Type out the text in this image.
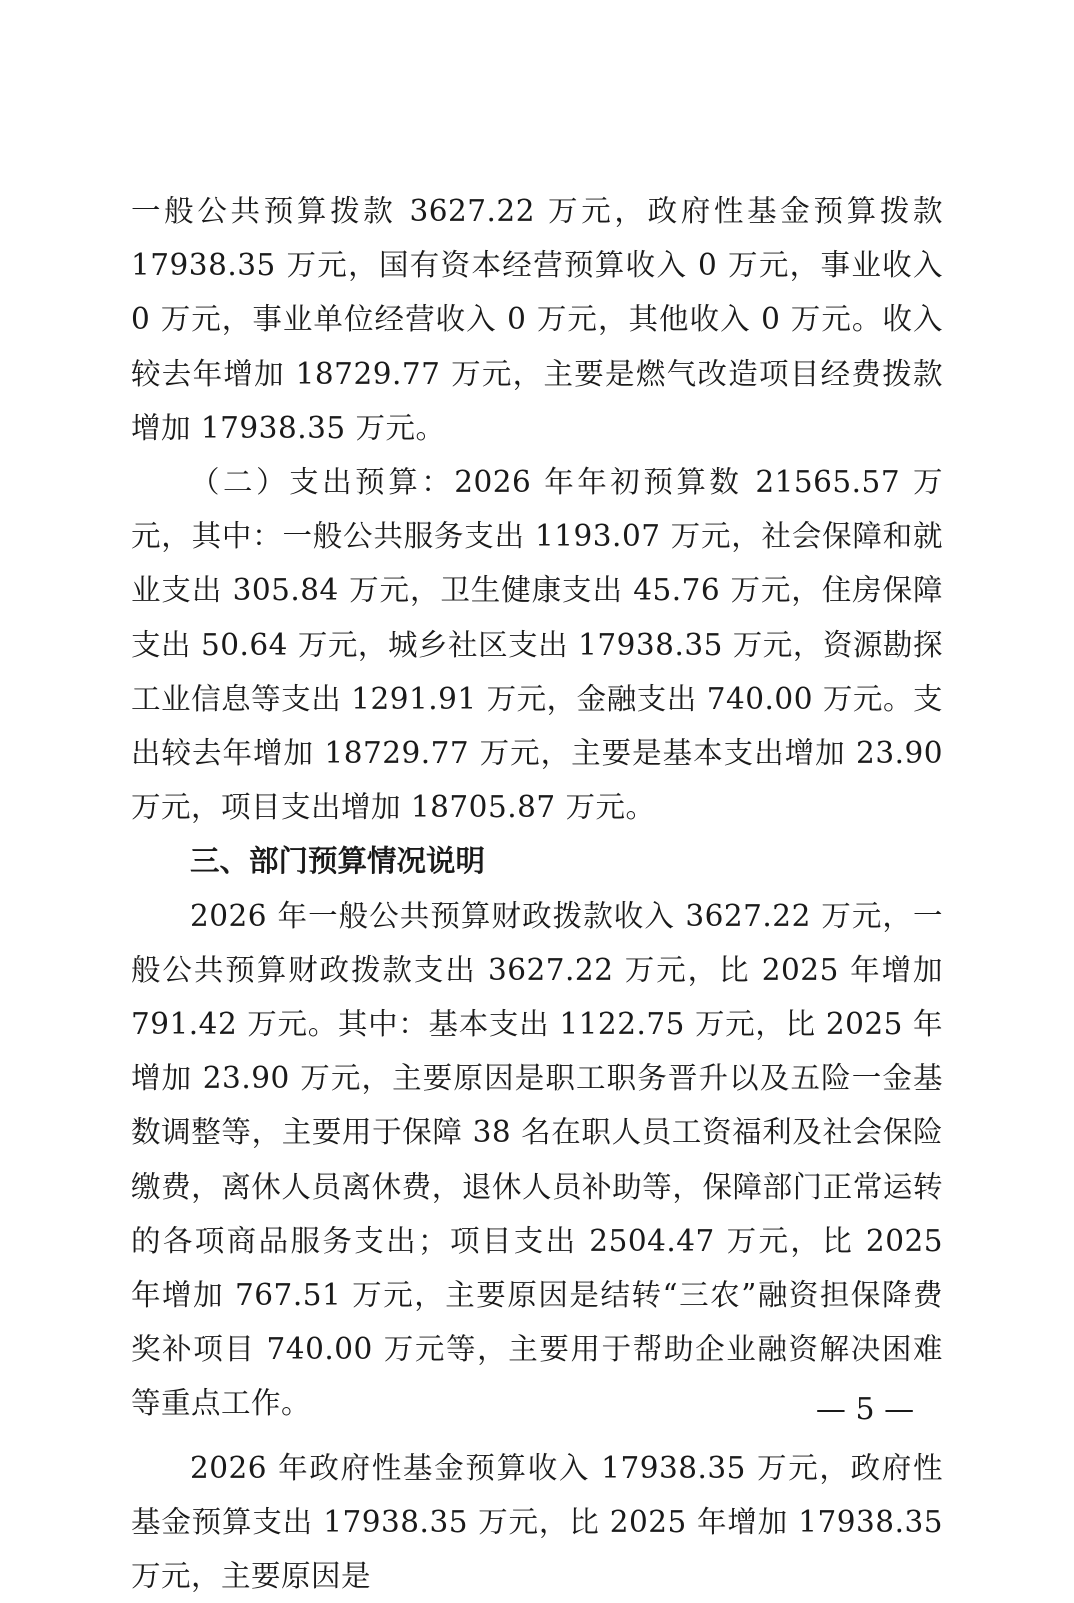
一般公共预算拨款 3627.22 万元，政府性基金预算拨款 17938.35 万元，国有资本经营预算收入 0 万元，事业收入 0 万元，事业单位经营收入 0 万元，其他收入 0 万元。收入较去年增加 18729.77 万元，主要是燃气改造项目经费拨款增加 17938.35 万元。

（二）支出预算：2026 年年初预算数 21565.57 万元，其中：一般公共服务支出 1193.07 万元，社会保障和就业支出 305.84 万元，卫生健康支出 45.76 万元，住房保障支出 50.64 万元，城乡社区支出 17938.35 万元，资源勘探工业信息等支出 1291.91 万元，金融支出 740.00 万元。支出较去年增加 18729.77 万元，主要是基本支出增加 23.90 万元，项目支出增加 18705.87 万元。

三、部门预算情况说明

2026 年一般公共预算财政拨款收入 3627.22 万元，一般公共预算财政拨款支出 3627.22 万元，比 2025 年增加 791.42 万元。其中：基本支出 1122.75 万元，比 2025 年增加 23.90 万元，主要原因是职工职务晋升以及五险一金基数调整等，主要用于保障 38 名在职人员工资福利及社会保险缴费，离休人员离休费，退休人员补助等，保障部门正常运转的各项商品服务支出；项目支出 2504.47 万元，比 2025 年增加 767.51 万元，主要原因是结转“三农”融资担保降费奖补项目 740.00 万元等，主要用于帮助企业融资解决困难等重点工作。

2026 年政府性基金预算收入 17938.35 万元，政府性基金预算支出 17938.35 万元，比 2025 年增加 17938.35 万元，主要原因是

— 5 —
